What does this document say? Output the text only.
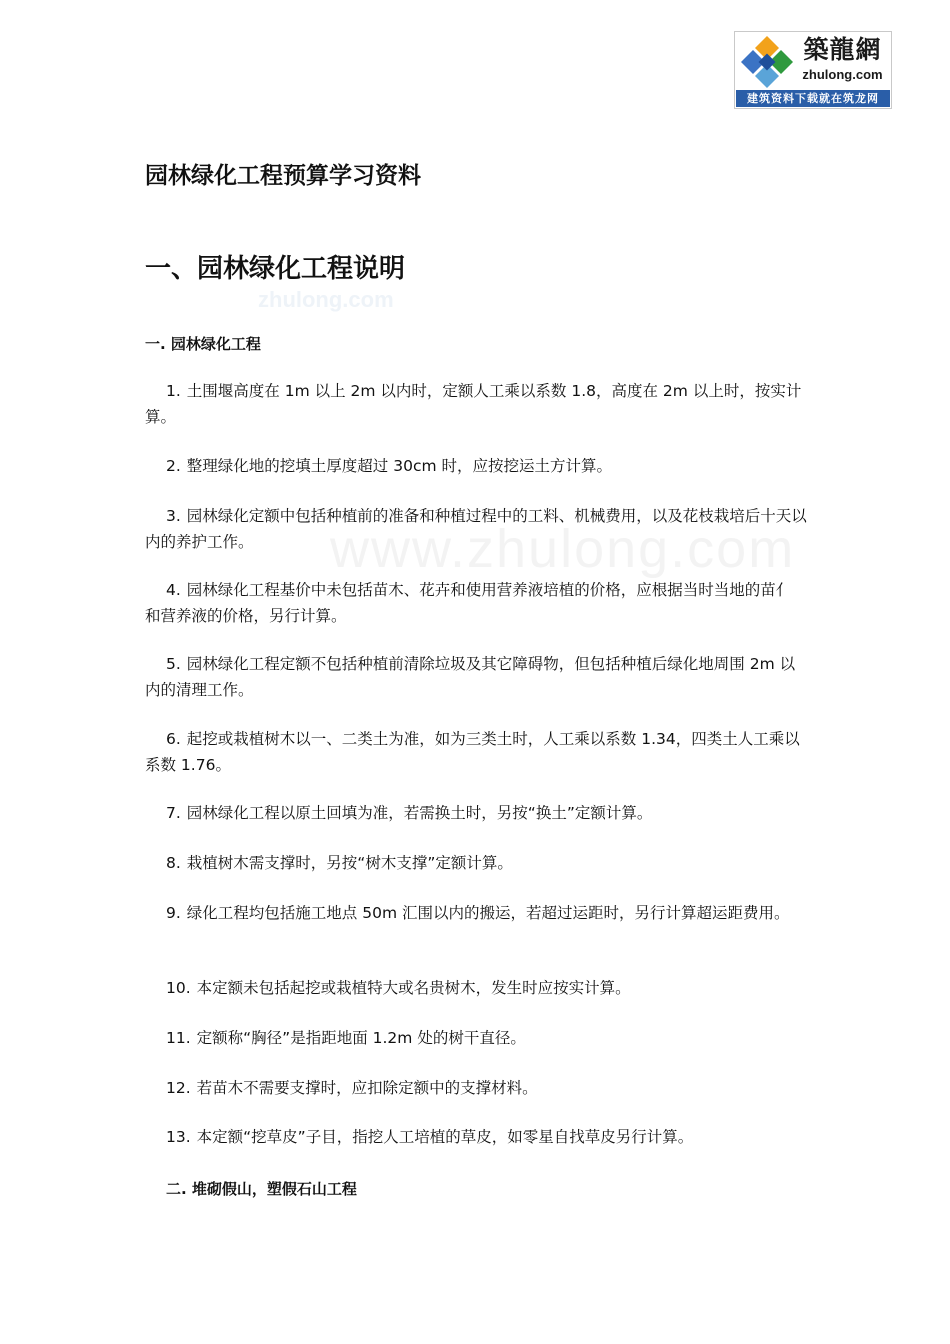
築龍網
zhulong.com
建筑资料下载就在筑龙网
zhulong.com
www.zhulong.com
园林绿化工程预算学习资料
一、园林绿化工程说明
一. 园林绿化工程

1. 土围堰高度在 1m 以上 2m 以内时，定额人工乘以系数 1.8，高度在 2m 以上时，按实计算。

2. 整理绿化地的挖填土厚度超过 30cm 时，应按挖运土方计算。

3. 园林绿化定额中包括种植前的准备和种植过程中的工料、机械费用，以及花枝栽培后十天以内的养护工作。

4. 园林绿化工程基价中未包括苗木、花卉和使用营养液培植的价格，应根据当时当地的苗亻 和营养液的价格，另行计算。

5. 园林绿化工程定额不包括种植前清除垃圾及其它障碍物，但包括种植后绿化地周围 2m 以内的清理工作。

6. 起挖或栽植树木以一、二类土为准，如为三类土时，人工乘以系数 1.34，四类土人工乘以系数 1.76。

7. 园林绿化工程以原土回填为准，若需换土时，另按“换土”定额计算。

8. 栽植树木需支撑时，另按“树木支撑”定额计算。

9. 绿化工程均包括施工地点 50m 汇围以内的搬运，若超过运距时，另行计算超运距费用。

10. 本定额未包括起挖或栽植特大或名贵树木，发生时应按实计算。

11. 定额称“胸径”是指距地面 1.2m 处的树干直径。

12. 若苗木不需要支撑时，应扣除定额中的支撑材料。

13. 本定额“挖草皮”子目，指挖人工培植的草皮，如零星自找草皮另行计算。

二. 堆砌假山，塑假石山工程
